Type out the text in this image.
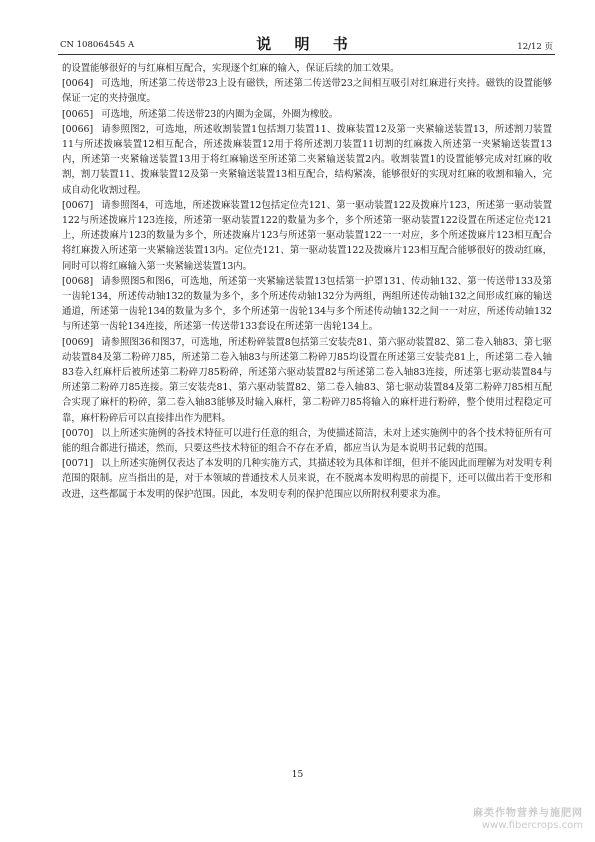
CN 108064545 A	说 明 书	12/12 页

的设置能够很好的与红麻相互配合，实现逐个红麻的输入，保证后续的加工效果。

[0064] 可选地，所述第二传送带23上设有磁铁，所述第二传送带23之间相互吸引对红麻进行夹持。磁铁的设置能够保证一定的夹持强度。

[0065] 可选地，所述第二传送带23的内圈为金属，外圈为橡胶。

[0066] 请参照图2，可选地，所述收割装置1包括割刀装置11、拨麻装置12及第一夹紧输送装置13，所述割刀装置11与所述拨麻装置12相互配合，所述拨麻装置12用于将所述割刀装置11切割的红麻拨入所述第一夹紧输送装置13内，所述第一夹紧输送装置13用于将红麻输送至所述第二夹紧输送装置2内。收割装置1的设置能够完成对红麻的收割，割刀装置11、拨麻装置12及第一夹紧输送装置13相互配合，结构紧凑，能够很好的实现对红麻的收割和输入，完成自动化收割过程。

[0067] 请参照图4，可选地，所述拨麻装置12包括定位壳121、第一驱动装置122及拨麻片123，所述第一驱动装置122与所述拨麻片123连接，所述第一驱动装置122的数量为多个，多个所述第一驱动装置122设置在所述定位壳121上，所述拨麻片123的数量为多个，所述拨麻片123与所述第一驱动装置122一一对应，多个所述拨麻片123相互配合将红麻拨入所述第一夹紧输送装置13内。定位壳121、第一驱动装置122及拨麻片123相互配合能够很好的拨动红麻，同时可以将红麻输入第一夹紧输送装置13内。

[0068] 请参照图5和图6，可选地，所述第一夹紧输送装置13包括第一护罩131、传动轴132、第一传送带133及第一齿轮134，所述传动轴132的数量为多个，多个所述传动轴132分为两组，两组所述传动轴132之间形成红麻的输送通道，所述第一齿轮134的数量为多个，多个所述第一齿轮134与多个所述传动轴132之间一一对应，所述传动轴132与所述第一齿轮134连接，所述第一传送带133套设在所述第一齿轮134上。

[0069] 请参照图36和图37，可选地，所述粉碎装置8包括第三安装壳81、第六驱动装置82、第二卷入轴83、第七驱动装置84及第二粉碎刀85，所述第二卷入轴83与所述第二粉碎刀85均设置在所述第三安装壳81上，所述第二卷入轴83卷入红麻杆后被所述第二粉碎刀85粉碎，所述第六驱动装置82与所述第二卷入轴83连接，所述第七驱动装置84与所述第二粉碎刀85连接。第三安装壳81、第六驱动装置82、第二卷入轴83、第七驱动装置84及第二粉碎刀85相互配合实现了麻杆的粉碎，第二卷入轴83能够及时输入麻杆，第二粉碎刀85将输入的麻杆进行粉碎，整个使用过程稳定可靠，麻杆粉碎后可以直接排出作为肥料。

[0070] 以上所述实施例的各技术特征可以进行任意的组合，为使描述简洁，未对上述实施例中的各个技术特征所有可能的组合都进行描述，然而，只要这些技术特征的组合不存在矛盾，都应当认为是本说明书记载的范围。

[0071] 以上所述实施例仅表达了本发明的几种实施方式，其描述较为具体和详细，但并不能因此而理解为对发明专利范围的限制。应当指出的是，对于本领域的普通技术人员来说，在不脱离本发明构思的前提下，还可以做出若干变形和改进，这些都属于本发明的保护范围。因此，本发明专利的保护范围应以所附权利要求为准。

15
麻类作物营养与施肥网
www.fibercrops.com
